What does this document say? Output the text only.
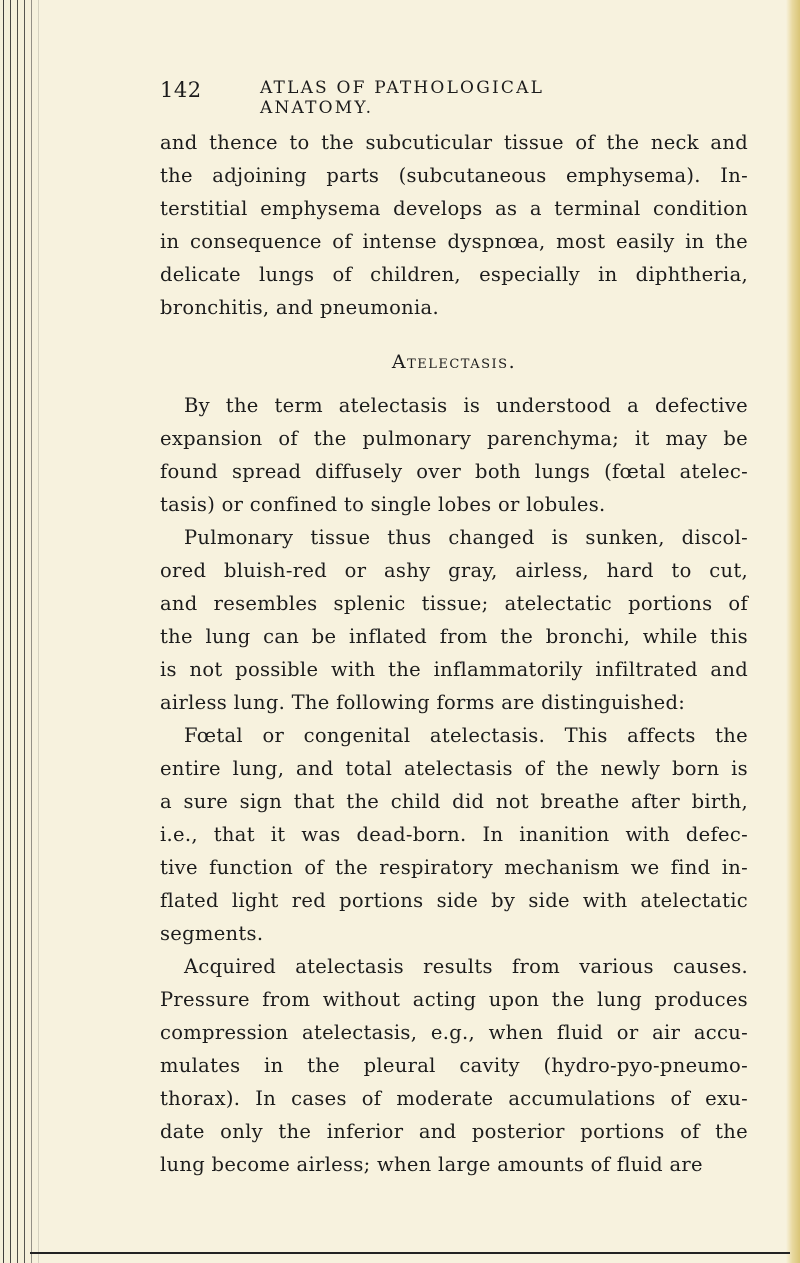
142	ATLAS OF PATHOLOGICAL ANATOMY.
and thence to the subcuticular tissue of the neck and
the adjoining parts (subcutaneous emphysema). In-
terstitial emphysema develops as a terminal condition
in consequence of intense dyspnœa, most easily in the
delicate lungs of children, especially in diphtheria,
bronchitis, and pneumonia.
Atelectasis.
By the term atelectasis is understood a defective
expansion of the pulmonary parenchyma; it may be
found spread diffusely over both lungs (fœtal atelec-
tasis) or confined to single lobes or lobules.
Pulmonary tissue thus changed is sunken, discol-
ored bluish-red or ashy gray, airless, hard to cut,
and resembles splenic tissue; atelectatic portions of
the lung can be inflated from the bronchi, while this
is not possible with the inflammatorily infiltrated and
airless lung. The following forms are distinguished:
Fœtal or congenital atelectasis. This affects the
entire lung, and total atelectasis of the newly born is
a sure sign that the child did not breathe after birth,
i.e., that it was dead-born. In inanition with defec-
tive function of the respiratory mechanism we find in-
flated light red portions side by side with atelectatic
segments.
Acquired atelectasis results from various causes.
Pressure from without acting upon the lung produces
compression atelectasis, e.g., when fluid or air accu-
mulates in the pleural cavity (hydro-pyo-pneumo-
thorax). In cases of moderate accumulations of exu-
date only the inferior and posterior portions of the
lung become airless; when large amounts of fluid are
